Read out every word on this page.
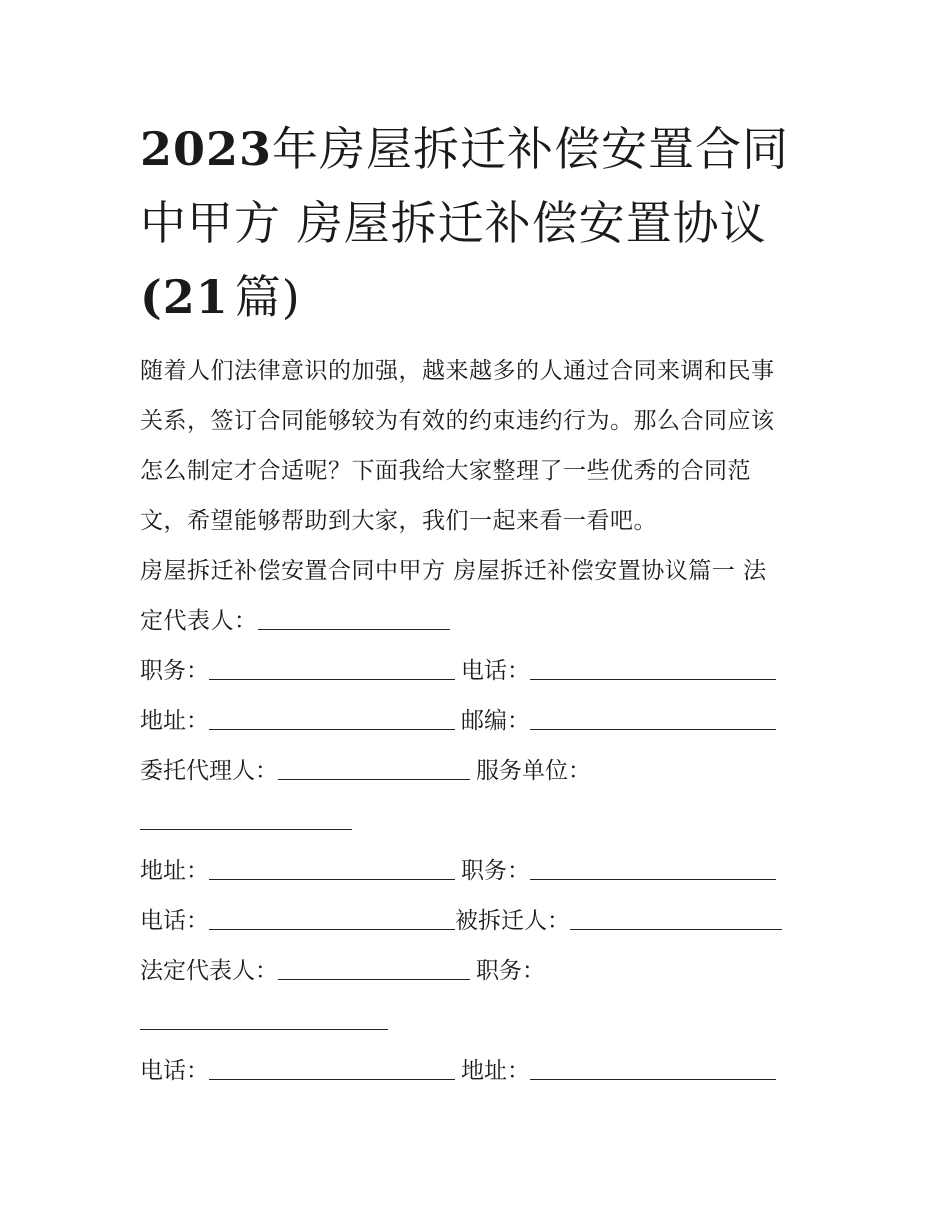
2023年房屋拆迁补偿安置合同
中甲方 房屋拆迁补偿安置协议
(21 篇)

随着人们法律意识的加强，越来越多的人通过合同来调和民事
关系，签订合同能够较为有效的约束违约行为。那么合同应该
怎么制定才合适呢？下面我给大家整理了一些优秀的合同范
文，希望能够帮助到大家，我们一起来看一看吧。

房屋拆迁补偿安置合同中甲方 房屋拆迁补偿安置协议篇一 法
定代表人：

职务：	电话：
地址：	邮编：
委托代理人：	服务单位：
地址：	职务：
电话：	被拆迁人：
法定代表人：	职务：
电话：	地址：
